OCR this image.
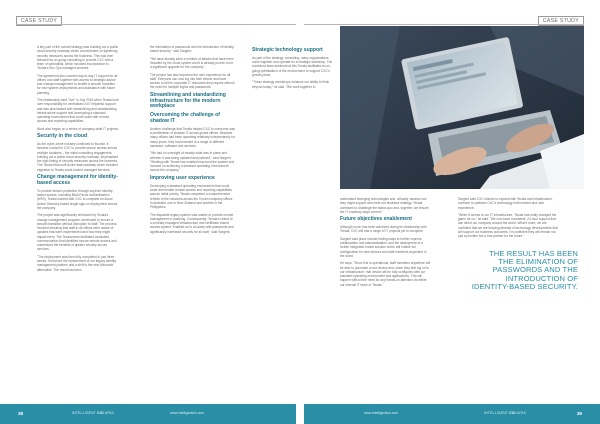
CASE STUDY	CASE STUDY

A key part of the overall strategy was building out a public cloud security roadmap which concentrated on tightening security measures across the business. This was then followed by on-going consulting to provide CXC with a team of specialists, which included Incorporation to Tecala's Sec Ops managed services.

The agreement also covered day-to-day IT support for all offices and staff together with access to strategic advice and change management to enable a smooth transition for new system deployments and assistance with future planning.

The relationship went "live" in July 2019 when Tecala took over responsibility for centralised 24/7 helpdesk support and was also tasked with streamlining and standardising infrastructure support and developing a standard operating environment that could scale with remote access and reporting capabilities.

Work also began on a series of company-wide IT projects.

Security in the cloud

As the cyber-crime industry continued to flourish, it became crucial for CXC to provide secure access across multiple locations – the initial consulting engagement, building out a public cloud security roadmap, emphasised the high timing of security measures across the business. The Tecala Microsoft Azure data roadmap which included migration to Tecala cloud-hosted managed services.

Change management for identity-based access

To provide breach protection through superior identity-based access, including Multi-Factor Authentication (MFA), Tecala worked with CXC to complete an Azure Active Directory-based single sign-on deployment across the company.

The project was significantly enhanced by Tecala's change management program, developed to ensure a smooth transition without disruption to staff. The process involved ensuring that staff in all offices were aware of updates that were implemented and how they might impact them. The Tecala team facilitated consistent communication that identified secure remote access and understood the benefits of greater security across services.

"The deployment was then fully completed in just three weeks. It involved the replacement of our legacy identity management platform and a shift to the new Microsoft alternative. The result has been

the elimination of passwords and the introduction of identity-based security," said Sargent.

"We have already seen a number of attacks that have been thwarted by the cloud system and it is already proven to be a significant upgrade for the company."

The project has also improved the user experience for all staff. Everyone can now log into their device and have access to all the corporate IT resources they require without the need for multiple logins and passwords.

Streamlining and standardizing infrastructure for the modern workplace
Overcoming the challenge of shadow IT

Another challenge that Tecala helped CXC to overcome was a proliferation of shadow IT across global offices. Because many offices had been operating relatively independently for many years, they had invested in a range of different hardware, software and services.

"We had no oversight of exactly what was in place and whether it was being updated and patched," said Sargent. "Working with Tecala has enabled improved the system and focused on achieving a standard operating environment across the company."

Improving user experience

Developing a standard operating environment that could scale and enable remote access and reporting capabilities was an initial priority. Tecala completed a comprehensive refresh of the networks across the 9 main company offices in Australia, one in New Zealand and another in the Philippines.

The disparate legacy system was unable to provide remote management or patching. Consequently, Tecala's rollout of a centrally managed infrastructure and certificate-based access system "enabled us to do away with passwords and significantly increased security for all staff," said Sargent.

Strategic technology support

As part of the strategy, consulting, many organisations come together and operate for a strategic workshop. The combined team achieved at this Tecala facilitates an on-going optimisation of the environment to support CXC's growth plans.

"These strategy workshops enhance our ability to think beyond today," he said. "We work together to

understand emerging technologies and, critically, assess how they might support and meet our business strategy. Tecala continues to challenge the status quo and, together, we ensure the IT roadmap stays current."

Future objectives enablement

Although much has been achieved during its relationship with Tecala, CXC still has a range of IT projects yet to complete.

Sargent said plans include finding ways to further improve collaboration and standardisation, and the deployment of a further integrated Intune solution which will enable full configuration for new devices and staff members anywhere in the world.

He says: "Since this is operational, staff members anywhere will be able to purchase a new device and, when they first log on to our infrastructure, that device will be fully configured with our standard operating environment and applications. This will happen without the need for any hands-on attention via either our internal IT team or Tecala."

Sargent said CXC intends to expand with Tecala and Infrastructure, continue to optimise CXC's technology environment and user experience.

"When it comes to our IT infrastructure, Tecala has really changed the game for us," he said. "We now have consistent, 24-hour support that can direct our company around the world. What's more, we are confident that we are keeping abreast of technology developments that will support our business outcomes. I'm confident they will remain not just a provider but a true partner for the future."

THE RESULT HAS BEEN
THE ELIMINATION OF
PASSWORDS AND THE
INTRODUCTION OF
IDENTITY-BASED SECURITY.
38	INTELLIGENT CIO APAC	www.intelligentcio.com	www.intelligentcio.com	INTELLIGENT CIO APAC	39
